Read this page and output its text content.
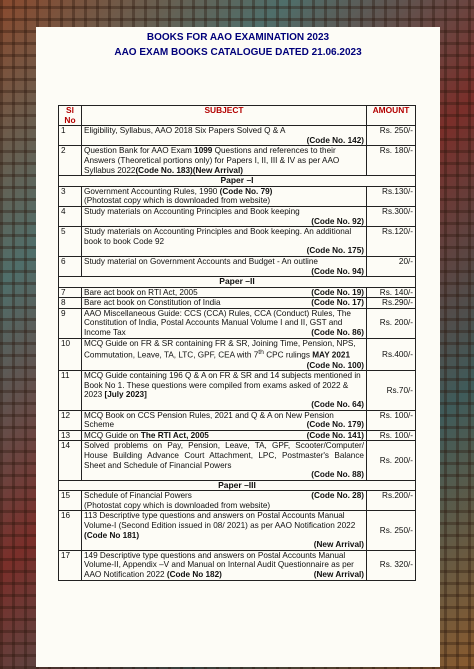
BOOKS FOR AAO EXAMINATION 2023
AAO EXAM BOOKS CATALOGUE DATED 21.06.2023
Sl No	SUBJECT	AMOUNT
1	Eligibility, Syllabus, AAO 2018 Six Papers Solved Q & A
(Code No. 142)	Rs. 250/-
2	Question Bank for AAO Exam 1099 Questions and references to their Answers (Theoretical portions only) for Papers I, II, III & IV as per AAO Syllabus 2022(Code No. 183)(New Arrival)	Rs. 180/-
Paper –I		
3	Government Accounting Rules, 1990 (Code No. 79)
(Photostat copy which is downloaded from website)	Rs.130/-
4	Study materials on Accounting Principles and Book keeping
(Code No. 92)	Rs.300/-
5	Study materials on Accounting Principles and Book keeping. An additional book to book Code 92
(Code No. 175)	Rs.120/-
6	Study material on Government Accounts and Budget - An outline
(Code No. 94)	20/-
Paper –II		
7	Bare act book on RTI Act, 2005 (Code No. 19)	Rs. 140/-
8	Bare act book on Constitution of India (Code No. 17)	Rs.290/-
9	AAO Miscellaneous Guide: CCS (CCA) Rules, CCA (Conduct) Rules, The Constitution of India, Postal Accounts Manual Volume I and II, GST and Income Tax (Code No. 86)	Rs. 200/-
10	MCQ Guide on FR & SR containing FR & SR, Joining Time, Pension, NPS, Commutation, Leave, TA, LTC, GPF, CEA with 7th CPC rulings MAY 2021
(Code No. 100)	Rs.400/-
11	MCQ Guide containing 196 Q & A on FR & SR and 14 subjects mentioned in Book No 1. These questions were compiled from exams asked of 2022 & 2023 [July 2023]
(Code No. 64)	Rs.70/-
12	MCQ Book on CCS Pension Rules, 2021 and Q & A on New Pension Scheme (Code No. 179)	Rs. 100/-
13	MCQ Guide on The RTI Act, 2005 (Code No. 141)	Rs. 100/-
14	Solved problems on Pay, Pension, Leave, TA, GPF, Scooter/Computer/ House Building Advance Court Attachment, LPC, Postmaster's Balance Sheet and Schedule of Financial Powers
(Code No. 88)	Rs. 200/-
Paper –III		
15	Schedule of Financial Powers (Code No. 28)

(Photostat copy which is downloaded from website)	Rs.200/-
16	113 Descriptive type questions and answers on Postal Accounts Manual Volume-I (Second Edition issued in 08/ 2021) as per AAO Notification 2022 (Code No 181)
(New Arrival)	Rs. 250/-
17	149 Descriptive type questions and answers on Postal Accounts Manual Volume-II, Appendix –V and Manual on Internal Audit Questionnaire as per AAO Notification 2022 (Code No 182) (New Arrival)	Rs. 320/-
